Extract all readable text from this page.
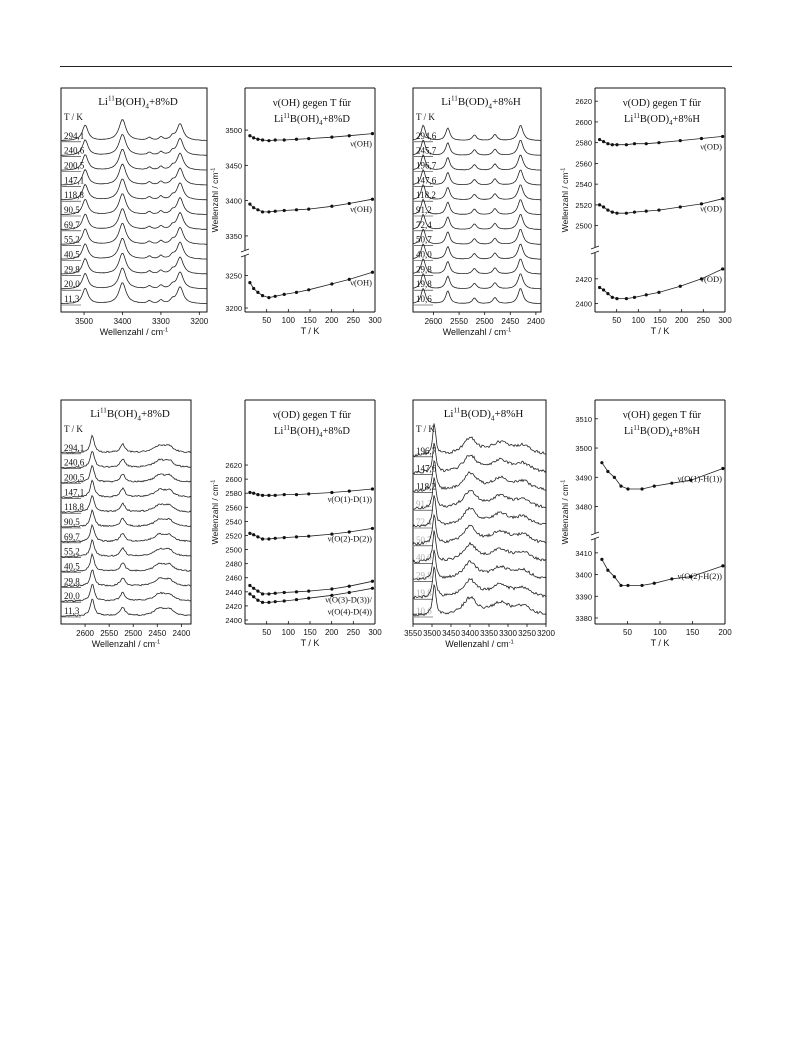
$Li^{11}B(OH)_4+8\%D$
T / K
294,1
240,6
200,5
147,1
118,8
90,5
69,7
55,2
40,5
29,8
20,0
11,3
3500	3400	3300	3200
Wellenzahl / $cm^{-1}$
ν(OH) gegen T für
$Li^{11}B(OH)_4+8\%D$
3350
3400
3450
3500
3200
3250
50 100 150 200 250 300
T / K
Wellenzahl / $cm^{-1}$
ν(OH)
ν(OH)
ν(OH)
$Li^{11}B(OD)_4+8\%H$
T / K
294,6
245,7
196,7
147,6
118,2
91,2
72,4
50,7
40,0
29,8
19,8
10,6
2600 2550 2500 2450 2400
Wellenzahl / $cm^{-1}$
ν(OD) gegen T für
$Li^{11}B(OD)_4+8\%H$
2500
2520
2540
2560
2580
2600
2620
2400
2420
50 100 150 200 250 300
T / K
Wellenzahl / $cm^{-1}$
ν(OD)
ν(OD)
ν(OD)
$Li^{11}B(OH)_4+8\%D$
T / K
294,1
240,6
200,5
147,1
118,8
90,5
69,7
55,2
40,5
29,8
20,0
11,3
2600 2550 2500 2450 2400
Wellenzahl / $cm^{-1}$
ν(OD) gegen T für
$Li^{11}B(OH)_4+8\%D$
2400
2420
2440
2460
2480
2500
2520
2540
2560
2580
2600
2620
50 100 150 200 250 300
T / K
Wellenzahl / $cm^{-1}$
ν(O(1)-D(1))
ν(O(2)-D(2))
ν(O(3)-D(3))/
ν(O(4)-D(4))
$Li^{11}B(OD)_4+8\%H$
T / K
196,7
147,6
118,2
91,2
72,4
50,7
40,0
29,8
19,8
10,6
3550 3500 3450 3400 3350 3300 3250 3200
Wellenzahl / $cm^{-1}$
ν(OH) gegen T für
$Li^{11}B(OD)_4+8\%H$
3480
3490
3500
3510
3380
3390
3400
3410
50	100 150 200
T / K
Wellenzahl / $cm^{-1}$	ν(O(1)-H(1))
ν(O(2)-H(2))
